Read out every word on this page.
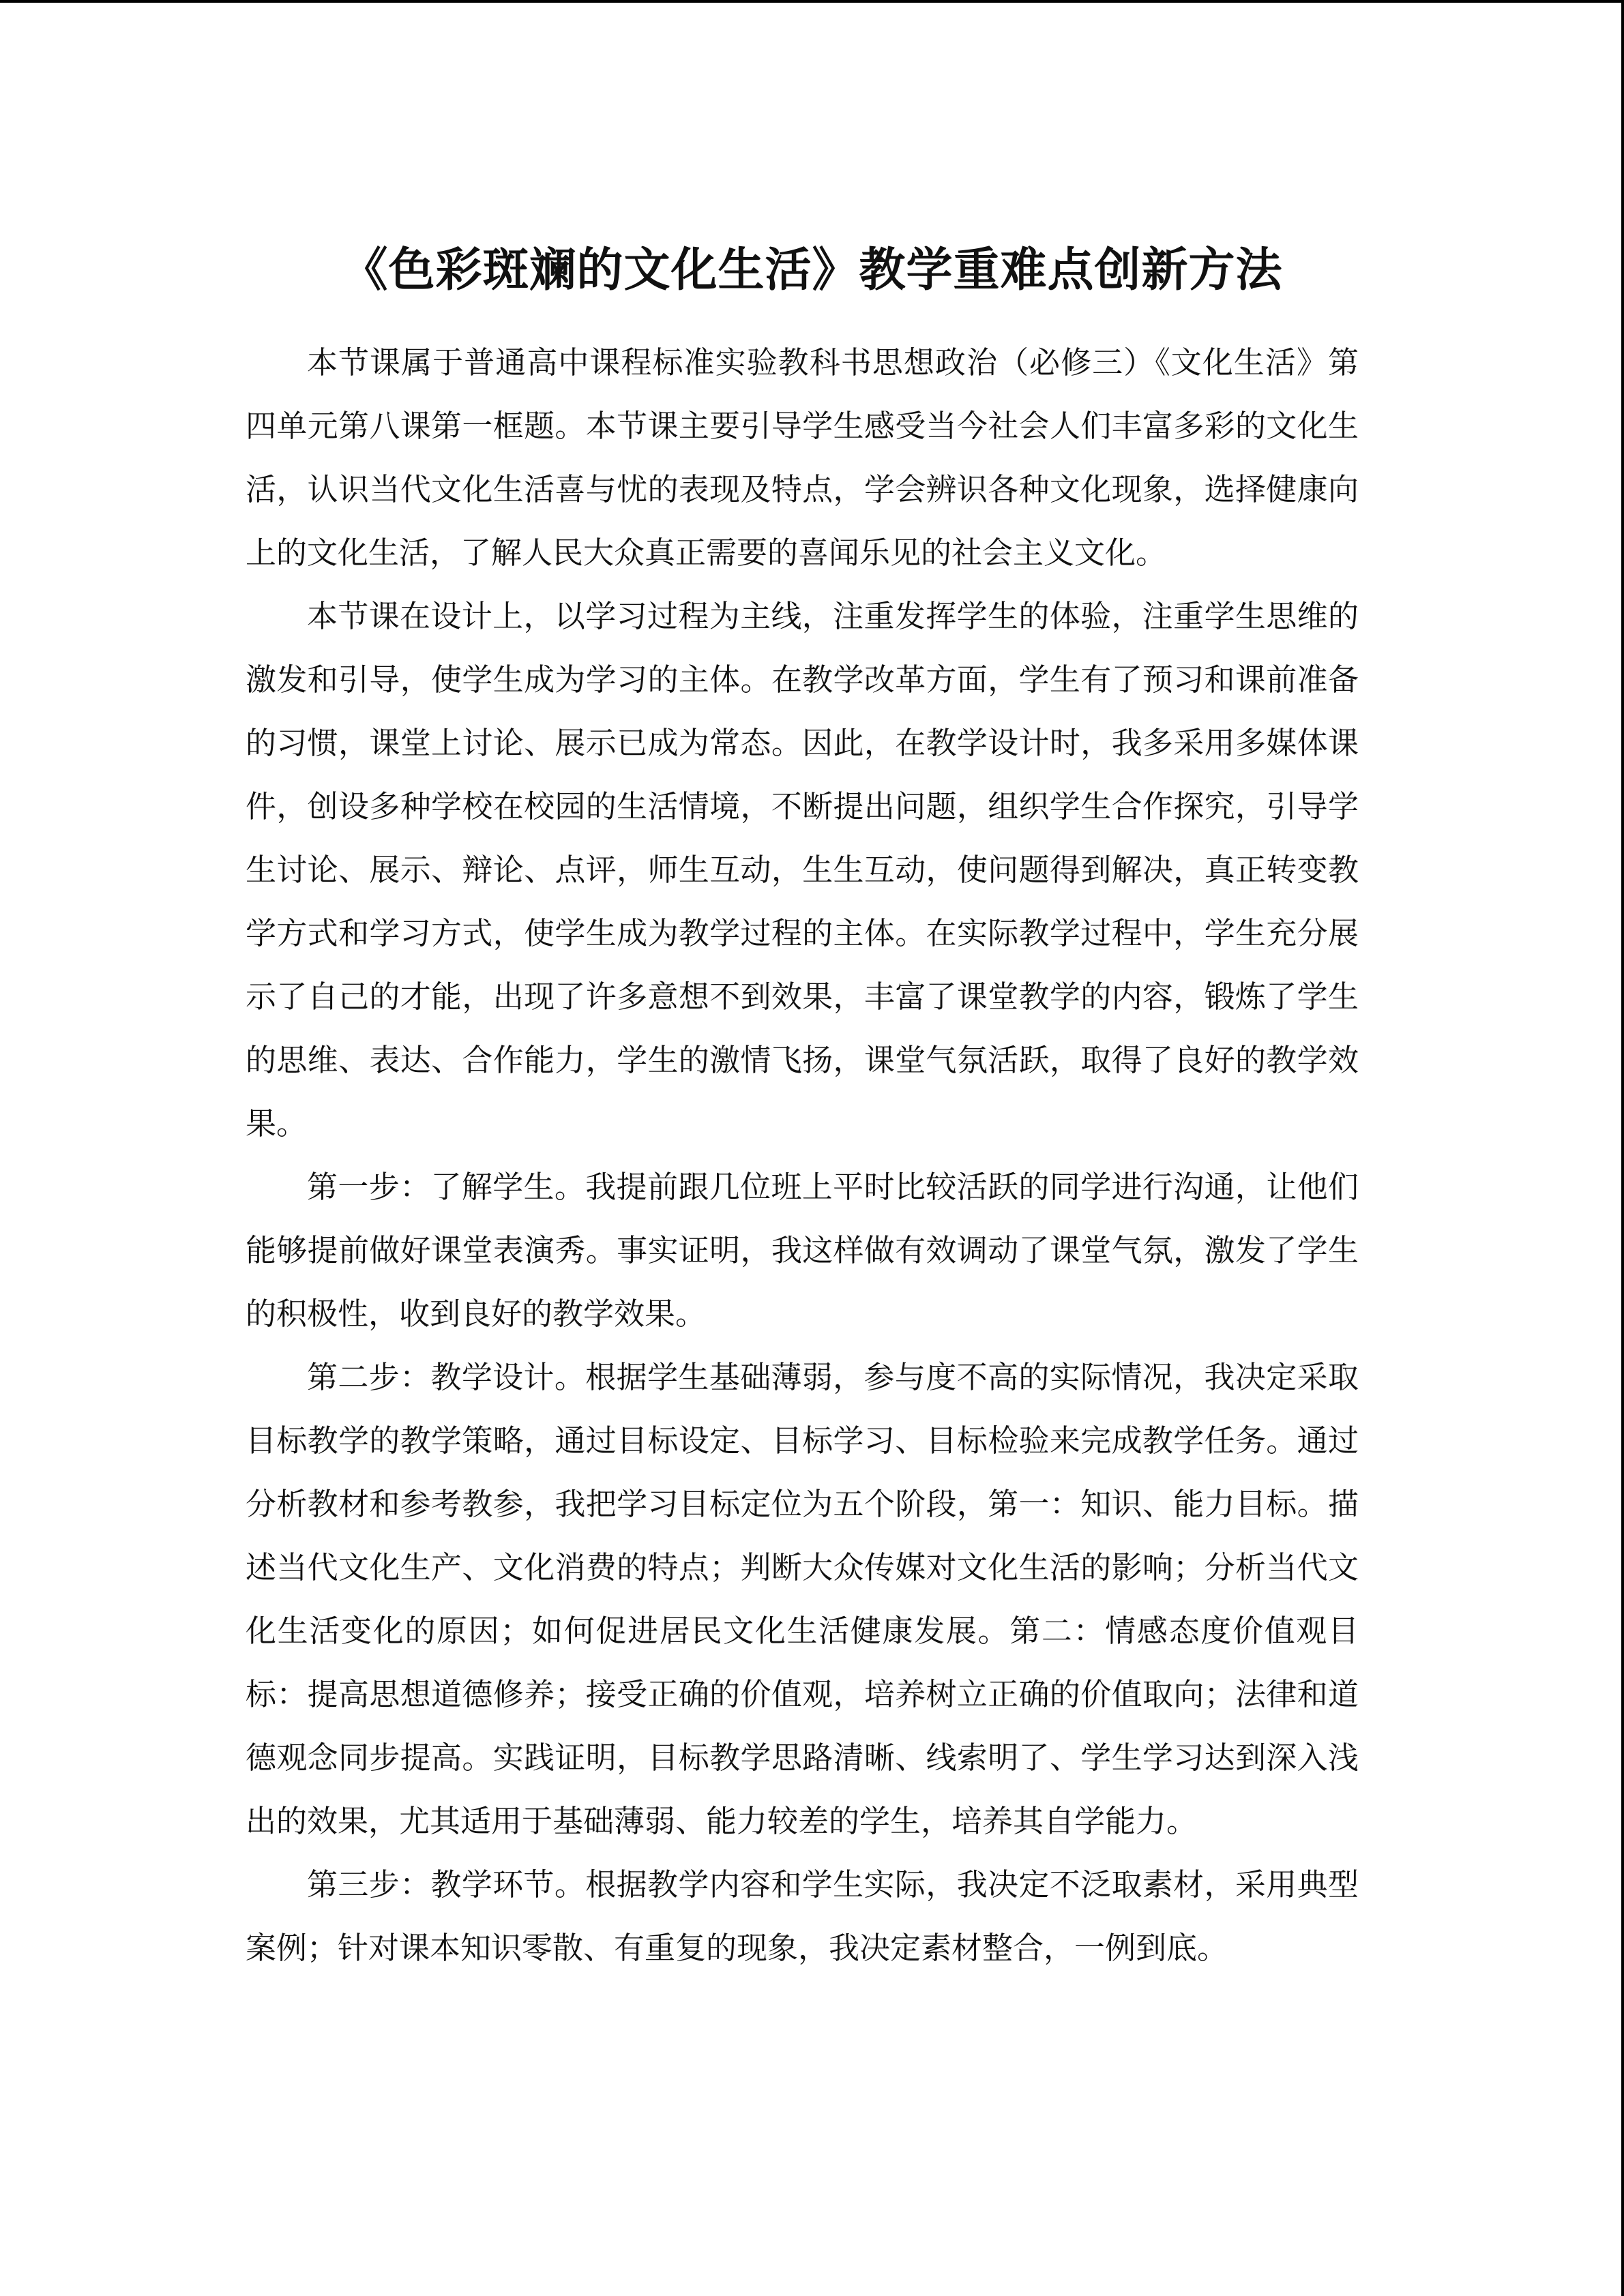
《色彩斑斓的文化生活》教学重难点创新方法

本节课属于普通高中课程标准实验教科书思想政治（必修三）《文化生活》第四单元第八课第一框题。本节课主要引导学生感受当今社会人们丰富多彩的文化生活，认识当代文化生活喜与忧的表现及特点，学会辨识各种文化现象，选择健康向上的文化生活，了解人民大众真正需要的喜闻乐见的社会主义文化。

本节课在设计上，以学习过程为主线，注重发挥学生的体验，注重学生思维的激发和引导，使学生成为学习的主体。在教学改革方面，学生有了预习和课前准备的习惯，课堂上讨论、展示已成为常态。因此，在教学设计时，我多采用多媒体课件，创设多种学校在校园的生活情境，不断提出问题，组织学生合作探究，引导学生讨论、展示、辩论、点评，师生互动，生生互动，使问题得到解决，真正转变教学方式和学习方式，使学生成为教学过程的主体。在实际教学过程中，学生充分展示了自己的才能，出现了许多意想不到效果，丰富了课堂教学的内容，锻炼了学生的思维、表达、合作能力，学生的激情飞扬，课堂气氛活跃，取得了良好的教学效果。

第一步：了解学生。我提前跟几位班上平时比较活跃的同学进行沟通，让他们能够提前做好课堂表演秀。事实证明，我这样做有效调动了课堂气氛，激发了学生的积极性，收到良好的教学效果。

第二步：教学设计。根据学生基础薄弱，参与度不高的实际情况，我决定采取目标教学的教学策略，通过目标设定、目标学习、目标检验来完成教学任务。通过分析教材和参考教参，我把学习目标定位为五个阶段，第一：知识、能力目标。描述当代文化生产、文化消费的特点；判断大众传媒对文化生活的影响；分析当代文化生活变化的原因；如何促进居民文化生活健康发展。第二：情感态度价值观目标：提高思想道德修养；接受正确的价值观，培养树立正确的价值取向；法律和道德观念同步提高。实践证明，目标教学思路清晰、线索明了、学生学习达到深入浅出的效果，尤其适用于基础薄弱、能力较差的学生，培养其自学能力。

第三步：教学环节。根据教学内容和学生实际，我决定不泛取素材，采用典型案例；针对课本知识零散、有重复的现象，我决定素材整合，一例到底。
